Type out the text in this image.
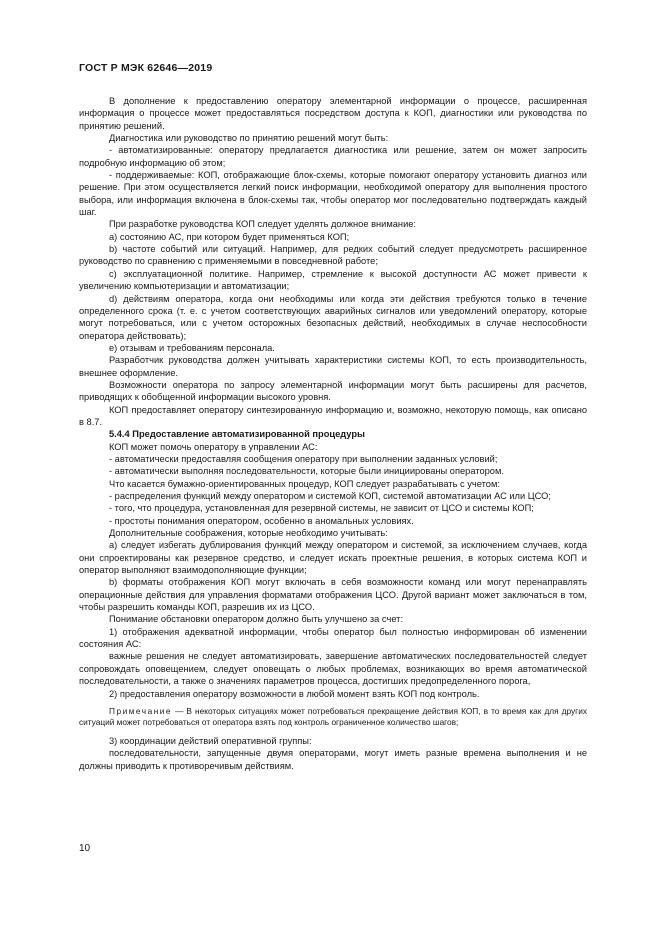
ГОСТ Р МЭК 62646—2019

В дополнение к предоставлению оператору элементарной информации о процессе, расширенная информация о процессе может предоставляться посредством доступа к КОП, диагностики или руководства по принятию решений.

Диагностика или руководство по принятию решений могут быть:

- автоматизированные: оператору предлагается диагностика или решение, затем он может запросить подробную информацию об этом;

- поддерживаемые: КОП, отображающие блок-схемы, которые помогают оператору установить диагноз или решение. При этом осуществляется легкий поиск информации, необходимой оператору для выполнения простого выбора, или информация включена в блок-схемы так, чтобы оператор мог последовательно подтверждать каждый шаг.

При разработке руководства КОП следует уделять должное внимание:

а) состоянию АС, при котором будет применяться КОП;

b) частоте событий или ситуаций. Например, для редких событий следует предусмотреть расширенное руководство по сравнению с применяемыми в повседневной работе;

с) эксплуатационной политике. Например, стремление к высокой доступности АС может привести к увеличению компьютеризации и автоматизации;

d) действиям оператора, когда они необходимы или когда эти действия требуются только в течение определенного срока (т. е. с учетом соответствующих аварийных сигналов или уведомлений оператору, которые могут потребоваться, или с учетом осторожных безопасных действий, необходимых в случае неспособности оператора действовать);

е) отзывам и требованиям персонала.

Разработчик руководства должен учитывать характеристики системы КОП, то есть производительность, внешнее оформление.

Возможности оператора по запросу элементарной информации могут быть расширены для расчетов, приводящих к обобщенной информации высокого уровня.

КОП предоставляет оператору синтезированную информацию и, возможно, некоторую помощь, как описано в 8.7.

5.4.4 Предоставление автоматизированной процедуры

КОП может помочь оператору в управлении АС:

- автоматически предоставляя сообщения оператору при выполнении заданных условий;

- автоматически выполняя последовательности, которые были инициированы оператором.

Что касается бумажно-ориентированных процедур, КОП следует разрабатывать с учетом:

- распределения функций между оператором и системой КОП, системой автоматизации АС или ЦСО;

- того, что процедура, установленная для резервной системы, не зависит от ЦСО и системы КОП;

- простоты понимания оператором, особенно в аномальных условиях.

Дополнительные соображения, которые необходимо учитывать:

а) следует избегать дублирования функций между оператором и системой, за исключением случаев, когда они спроектированы как резервное средство, и следует искать проектные решения, в которых система КОП и оператор выполняют взаимодополняющие функции;

b) форматы отображения КОП могут включать в себя возможности команд или могут перенаправлять операционные действия для управления форматами отображения ЦСО. Другой вариант может заключаться в том, чтобы разрешить команды КОП, разрешив их из ЦСО.

Понимание обстановки оператором должно быть улучшено за счет:

1) отображения адекватной информации, чтобы оператор был полностью информирован об изменении состояния АС:

важные решения не следует автоматизировать, завершение автоматических последовательностей следует сопровождать оповещением, следует оповещать о любых проблемах, возникающих во время автоматической последовательности, а также о значениях параметров процесса, достигших предопределенного порога,

2) предоставления оператору возможности в любой момент взять КОП под контроль.

Примечание — В некоторых ситуациях может потребоваться прекращение действия КОП, в то время как для других ситуаций может потребоваться от оператора взять под контроль ограниченное количество шагов;

3) координации действий оперативной группы:

последовательности, запущенные двумя операторами, могут иметь разные времена выполнения и не должны приводить к противоречивым действиям.

10
